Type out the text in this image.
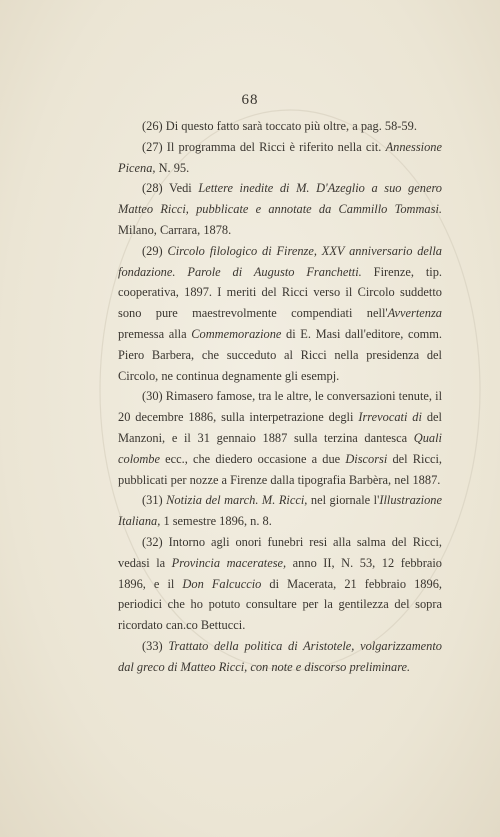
68

(26) Di questo fatto sarà toccato più oltre, a pag. 58-59.

(27) Il programma del Ricci è riferito nella cit. Annessione Picena, N. 95.

(28) Vedi Lettere inedite di M. D'Azeglio a suo genero Matteo Ricci, pubblicate e annotate da Cammillo Tommasi. Milano, Carrara, 1878.

(29) Circolo filologico di Firenze, XXV anniversario della fondazione. Parole di Augusto Franchetti. Firenze, tip. cooperativa, 1897. I meriti del Ricci verso il Circolo suddetto sono pure maestrevolmente compendiati nell'Avvertenza premessa alla Commemorazione di E. Masi dall'editore, comm. Piero Barbera, che succeduto al Ricci nella presidenza del Circolo, ne continua degnamente gli esempj.

(30) Rimasero famose, tra le altre, le conversazioni tenute, il 20 decembre 1886, sulla interpetrazione degli Irrevocati di del Manzoni, e il 31 gennaio 1887 sulla terzina dantesca Quali colombe ecc., che diedero occasione a due Discorsi del Ricci, pubblicati per nozze a Firenze dalla tipografia Barbèra, nel 1887.

(31) Notizia del march. M. Ricci, nel giornale l'Illustrazione Italiana, 1 semestre 1896, n. 8.

(32) Intorno agli onori funebri resi alla salma del Ricci, vedasi la Provincia maceratese, anno II, N. 53, 12 febbraio 1896, e il Don Falcuccio di Macerata, 21 febbraio 1896, periodici che ho potuto consultare per la gentilezza del sopra ricordato can.co Bettucci.

(33) Trattato della politica di Aristotele, volgarizzamento dal greco di Matteo Ricci, con note e discorso preliminare.
